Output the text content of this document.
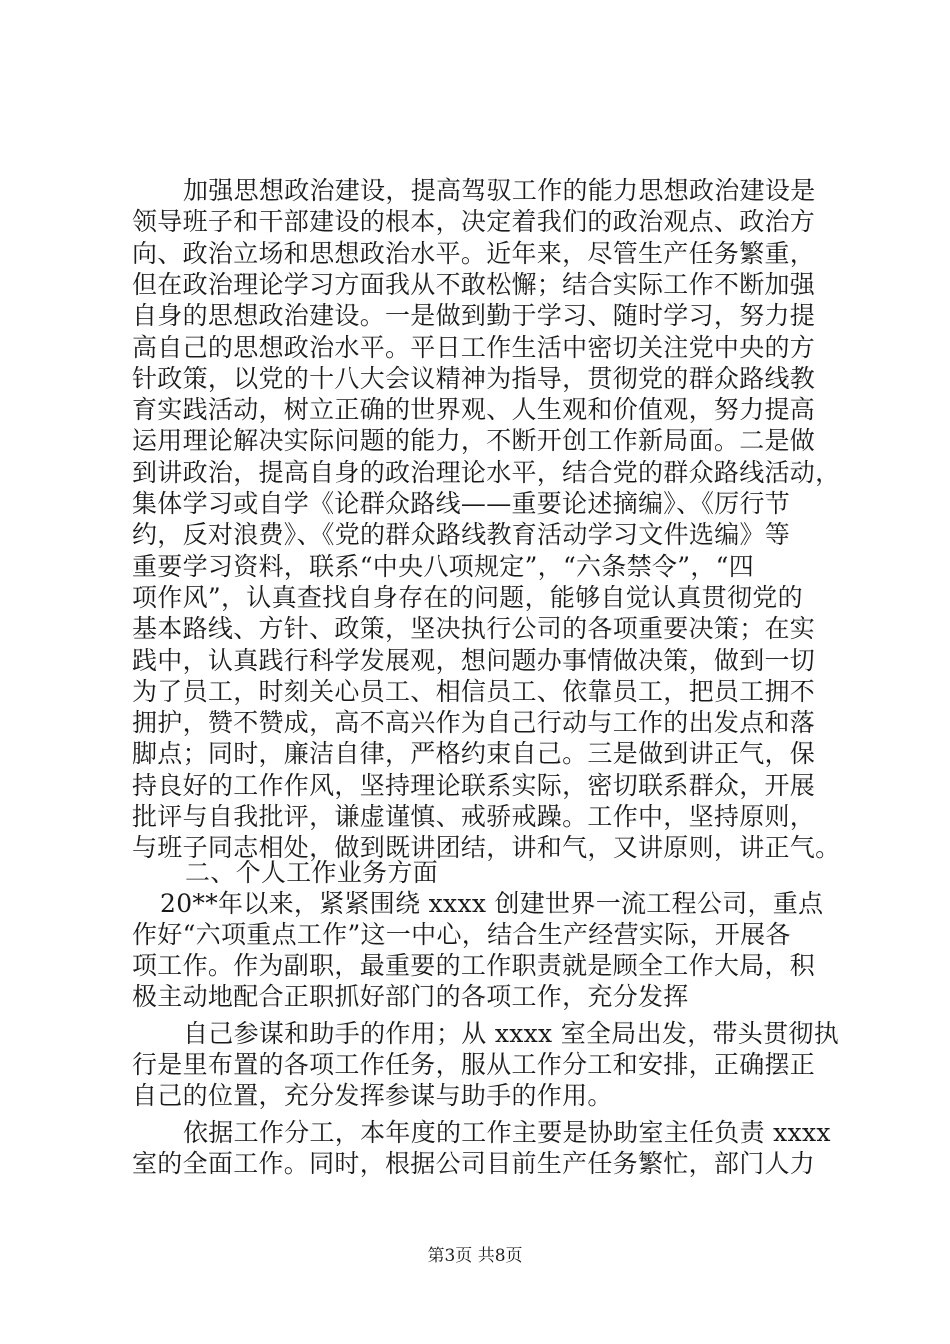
加强思想政治建设，提高驾驭工作的能力思想政治建设是
领导班子和干部建设的根本，决定着我们的政治观点、政治方
向、政治立场和思想政治水平。近年来，尽管生产任务繁重，
但在政治理论学习方面我从不敢松懈；结合实际工作不断加强
自身的思想政治建设。一是做到勤于学习、随时学习，努力提
高自己的思想政治水平。平日工作生活中密切关注党中央的方
针政策，以党的十八大会议精神为指导，贯彻党的群众路线教
育实践活动，树立正确的世界观、人生观和价值观，努力提高
运用理论解决实际问题的能力，不断开创工作新局面。二是做
到讲政治，提高自身的政治理论水平，结合党的群众路线活动，
集体学习或自学《论群众路线——重要论述摘编》、《厉行节
约，反对浪费》、《党的群众路线教育活动学习文件选编》等
重要学习资料，联系“中央八项规定”，“六条禁令”，“四
项作风”，认真查找自身存在的问题，能够自觉认真贯彻党的
基本路线、方针、政策，坚决执行公司的各项重要决策；在实
践中，认真践行科学发展观，想问题办事情做决策，做到一切
为了员工，时刻关心员工、相信员工、依靠员工，把员工拥不
拥护，赞不赞成，高不高兴作为自己行动与工作的出发点和落
脚点；同时，廉洁自律，严格约束自己。三是做到讲正气，保
持良好的工作作风，坚持理论联系实际，密切联系群众，开展
批评与自我批评，谦虚谨慎、戒骄戒躁。工作中，坚持原则，
与班子同志相处，做到既讲团结，讲和气，又讲原则，讲正气。
二、个人工作业务方面
20**年以来，紧紧围绕 xxxx 创建世界一流工程公司，重点
作好“六项重点工作”这一中心，结合生产经营实际，开展各
项工作。作为副职，最重要的工作职责就是顾全工作大局，积
极主动地配合正职抓好部门的各项工作，充分发挥
自己参谋和助手的作用；从 xxxx 室全局出发，带头贯彻执
行是里布置的各项工作任务，服从工作分工和安排，正确摆正
自己的位置，充分发挥参谋与助手的作用。
依据工作分工，本年度的工作主要是协助室主任负责 xxxx
室的全面工作。同时，根据公司目前生产任务繁忙，部门人力
第3页 共8页
